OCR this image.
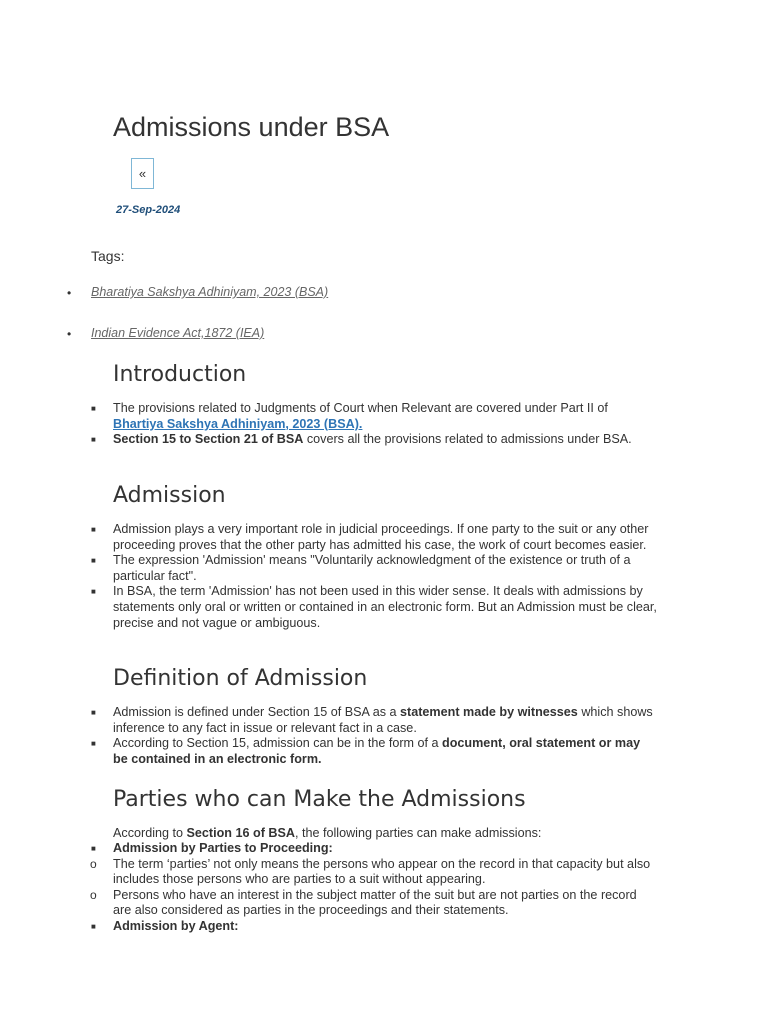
Admissions under BSA
«
27-Sep-2024
Tags:
• Bharatiya Sakshya Adhiniyam, 2023 (BSA)
• Indian Evidence Act,1872 (IEA)
Introduction
■ The provisions related to Judgments of Court when Relevant are covered under Part II of Bhartiya Sakshya Adhiniyam, 2023 (BSA).
■ Section 15 to Section 21 of BSA covers all the provisions related to admissions under BSA.
Admission
■ Admission plays a very important role in judicial proceedings. If one party to the suit or any other proceeding proves that the other party has admitted his case, the work of court becomes easier.
■ The expression 'Admission' means "Voluntarily acknowledgment of the existence or truth of a particular fact".
■ In BSA, the term 'Admission' has not been used in this wider sense. It deals with admissions by statements only oral or written or contained in an electronic form. But an Admission must be clear, precise and not vague or ambiguous.
Definition of Admission
■ Admission is defined under Section 15 of BSA as a statement made by witnesses which shows inference to any fact in issue or relevant fact in a case.
■ According to Section 15, admission can be in the form of a document, oral statement or may be contained in an electronic form.
Parties who can Make the Admissions
According to Section 16 of BSA, the following parties can make admissions:
■ Admission by Parties to Proceeding:
o The term ‘parties’ not only means the persons who appear on the record in that capacity but also includes those persons who are parties to a suit without appearing.
o Persons who have an interest in the subject matter of the suit but are not parties on the record are also considered as parties in the proceedings and their statements.
■ Admission by Agent:
